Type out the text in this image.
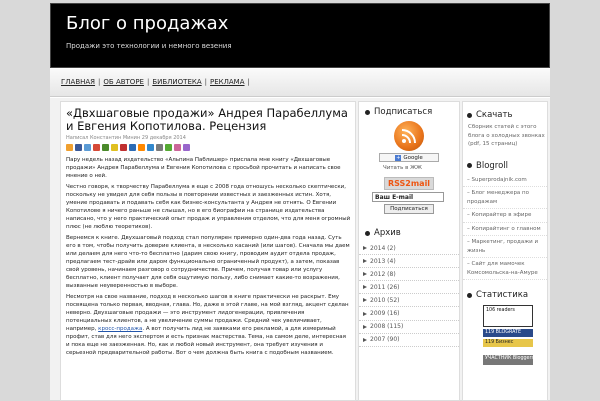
Блог о продажах
Продажи это технологии и немного везения
ГЛАВНАЯ | ОБ АВТОРЕ | БИБЛИОТЕКА | РЕКЛАМА |
«Двхшаговые продажи» Андрея Парабеллума и Евгения Копотилова. Рецензия
Написал Константин Минин 29 декабря 2014

Пару недель назад издательство «Альпина Паблишер» прислала мне книгу «Двхшаговые продажи» Андрея Парабеллума и Евгения Копотилова с просьбой прочитать и написать свое мнение о ней.

Честно говоря, к творчеству Парабеллума я еще с 2008 года отношусь несколько скептически, поскольку не увидел для себя пользы в повторении известных и заезженных истин. Хотя, умение продавать и подавать себя как бизнес-консультанта у Андрея не отнять. О Евгении Копотилове я ничего раньше не слышал, но в его биографии на странице издательства написано, что у него практический опыт продаж и управления отделом, что для меня огромный плюс (не люблю теоретиков).

Вернемся к книге. Двухшаговый подход стал популярен примерно один-два года назад. Суть его в том, чтобы получить доверие клиента, в несколько касаний (или шагов). Сначала мы даем или делаем для него что-то бесплатно (дарим свою книгу, проводим аудит отдела продаж, предлагаем тест-драйв или даром функционально ограниченный продукт), а затем, показав свой уровень, начинаем разговор о сотрудничестве. Причем, получая товар или услугу бесплатно, клиент получает для себя ощутимую пользу, либо снимает какие-то возражения, вызванные неуверенностью в выборе.

Несмотря на свое название, подход в несколько шагов в книге практически не раскрыт. Ему посвящена только первая, вводная, глава. Но, даже в этой главе, на мой взгляд, акцент сделан неверно. Двухшаговые продажи — это инструмент лидогенерации, привлечения потенциальных клиентов, а не увеличение суммы продажи. Средний чек увеличивает, например, кросс-продажа. А вот получить лид не заявками его рекламой, а для измеримый профит, став для него экспертом и есть признак мастерства. Тема, на самом деле, интересная и пока еще не заезженная. Но, как и любой новый инструмент, она требует изучения и серьезной предварительной работы. Вот о чем должна быть книга с подобным названием.

Подписаться
+ Google
Читать в ЖЖ
RSS2mail
Ваш E-mail
Подписаться
Архив
2014 (2)
2013 (4)
2012 (8)
2011 (26)
2010 (52)
2009 (16)
2008 (115)
2007 (90)
Скачать
Сборник статей с этого блога о холодных звонках (pdf, 15 страниц)
Blogroll
– Superprodajnik.com
– Блог менеджера по продажам
– Копирайтер в эфире
– Копирайтинг о главном
– Маркетинг, продажи и жизнь
– Сайт для мамочек Комсомольска-на-Амуре
Статистика
106 readers
119 BLOGRATE
119 Бизнес
УЧАСТНИК Bloggers.ru
